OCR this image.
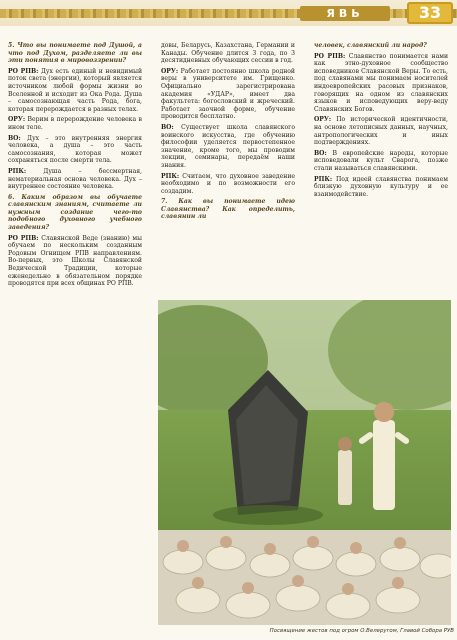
ЯВЬ	33
5. Что вы понимаете под Душой, а что под Духом, разделяете ли вы эти понятия в мировоззрении?
РО РПВ: Дух есть единый и невидимый поток света (энергии), который является источником любой формы жизни во Вселенной и исходит из Ока Рода. Душа – самосознающая часть Рода, бога, которая перерождается в разных телах.
ОРУ: Верим в перерождение человека в ином теле.
ВО: Дух – это внутренняя энергия человека, а душа – это часть самосознания, которая может сохраняться после смерти тела.
РПК: Душа – бессмертная, нематериальная основа человека. Дух – внутреннее состояние человека.
6. Каким образом вы обучаете славянским знаниям, считаете ли нужным создание чего-то подобного духовного учебного заведения?
РО РПВ: Славянской Веде (знанию) мы обучаем по нескольким созданным Родовым Огнищем РПВ направлениям. Во-первых, это Школы Славянской Ведической Традиции, которые еженедельно в обязательном порядке проводятся при всех общинах РО РПВ.
довы, Беларусь, Казахстана, Германии и Канады. Обучение длится 3 года, по 3 десятидневных обучающих сессии в год.
ОРУ: Работает постоянно школа родной веры в университете им. Грищенко. Официально зарегистрирована академия «УДАР», имеет два факультета: богословский и жреческий. Работает заочной форме, обучение проводится бесплатно.
ВО: Существует школа славянского воинского искусства, где обучению философии уделяется первостепенное значение, кроме того, мы проводим лекции, семинары, передаём наши знания.
РПК: Считаем, что духовное заведение необходимо и по возможности его создадим.
7. Как вы понимаете идею Славянства? Как определить, славянин ли
человек, славянский ли народ?
РО РПВ: Славянство понимается нами как этно-духовное сообщество исповедников Славянской Веры. То есть, под славянами мы понимаем носителей индоевропейских расовых признаков, говорящих на одном из славянских языков и исповедующих веру-веду Славянских Богов.
ОРУ: По исторической идентичности, на основе летописных данных, научных, антропологических и иных подтверждениях.
ВО: В европейские народы, которые исповедовали культ Сварога, позже стали называться славянскими.
РПК: Под идеей славянства понимаем близкую духовную культуру и ее взаимодействие.
Посвящение жестов под огром О.Велеругом, Главой Собора РУВ
